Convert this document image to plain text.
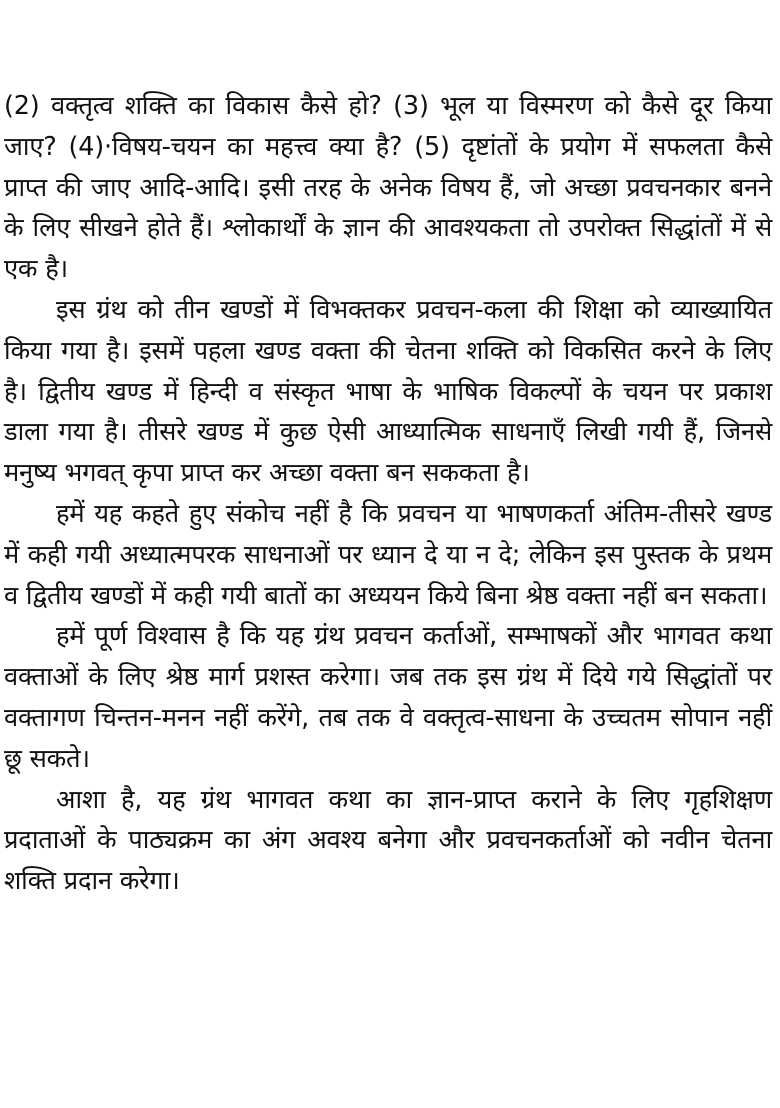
(2) वक्तृत्व शक्ति का विकास कैसे हो? (3) भूल या विस्मरण को कैसे दूर किया जाए? (4)·विषय-चयन का महत्त्व क्या है? (5) दृष्टांतों के प्रयोग में सफलता कैसे प्राप्त की जाए आदि-आदि। इसी तरह के अनेक विषय हैं, जो अच्छा प्रवचनकार बनने के लिए सीखने होते हैं। श्लोकार्थों के ज्ञान की आवश्यकता तो उपरोक्त सिद्धांतों में से एक है।

इस ग्रंथ को तीन खण्डों में विभक्तकर प्रवचन-कला की शिक्षा को व्याख्यायित किया गया है। इसमें पहला खण्ड वक्ता की चेतना शक्ति को विकसित करने के लिए है। द्वितीय खण्ड में हिन्दी व संस्कृत भाषा के भाषिक विकल्पों के चयन पर प्रकाश डाला गया है। तीसरे खण्ड में कुछ ऐसी आध्यात्मिक साधनाएँ लिखी गयी हैं, जिनसे मनुष्य भगवत् कृपा प्राप्त कर अच्छा वक्ता बन सककता है।

हमें यह कहते हुए संकोच नहीं है कि प्रवचन या भाषणकर्ता अंतिम-तीसरे खण्ड में कही गयी अध्यात्मपरक साधनाओं पर ध्यान दे या न दे; लेकिन इस पुस्तक के प्रथम व द्वितीय खण्डों में कही गयी बातों का अध्ययन किये बिना श्रेष्ठ वक्ता नहीं बन सकता।

हमें पूर्ण विश्वास है कि यह ग्रंथ प्रवचन कर्ताओं, सम्भाषकों और भागवत कथा वक्ताओं के लिए श्रेष्ठ मार्ग प्रशस्त करेगा। जब तक इस ग्रंथ में दिये गये सिद्धांतों पर वक्तागण चिन्तन-मनन नहीं करेंगे, तब तक वे वक्तृत्व-साधना के उच्चतम सोपान नहीं छू सकते।

आशा है, यह ग्रंथ भागवत कथा का ज्ञान-प्राप्त कराने के लिए गृहशिक्षण प्रदाताओं के पाठ्यक्रम का अंग अवश्य बनेगा और प्रवचनकर्ताओं को नवीन चेतना शक्ति प्रदान करेगा।
